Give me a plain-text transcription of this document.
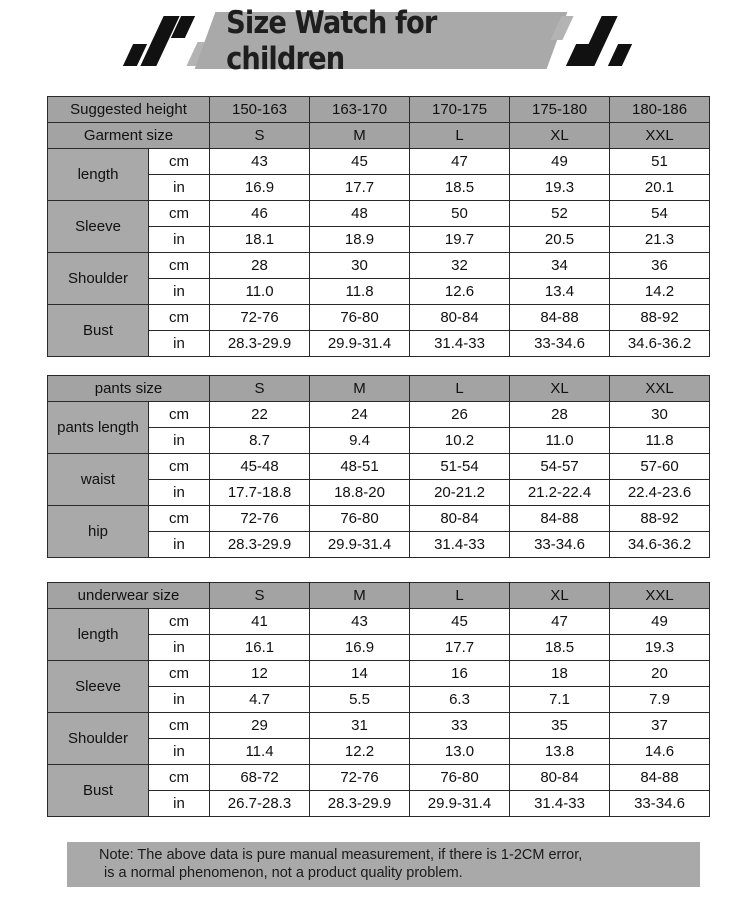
Size Watch for children
Suggested height		150-163	163-170	170-175	175-180	180-186
Garment size		S	M	L	XL	XXL
length	cm	43	45	47	49	51
	in	16.9	17.7	18.5	19.3	20.1
Sleeve	cm	46	48	50	52	54
	in	18.1	18.9	19.7	20.5	21.3
Shoulder	cm	28	30	32	34	36
	in	11.0	11.8	12.6	13.4	14.2
Bust	cm	72-76	76-80	80-84	84-88	88-92
	in	28.3-29.9	29.9-31.4	31.4-33	33-34.6	34.6-36.2
pants size		S	M	L	XL	XXL
pants length	cm	22	24	26	28	30
	in	8.7	9.4	10.2	11.0	11.8
waist	cm	45-48	48-51	51-54	54-57	57-60
	in	17.7-18.8	18.8-20	20-21.2	21.2-22.4	22.4-23.6
hip	cm	72-76	76-80	80-84	84-88	88-92
	in	28.3-29.9	29.9-31.4	31.4-33	33-34.6	34.6-36.2
underwear size		S	M	L	XL	XXL
length	cm	41	43	45	47	49
	in	16.1	16.9	17.7	18.5	19.3
Sleeve	cm	12	14	16	18	20
	in	4.7	5.5	6.3	7.1	7.9
Shoulder	cm	29	31	33	35	37
	in	11.4	12.2	13.0	13.8	14.6
Bust	cm	68-72	72-76	76-80	80-84	84-88
	in	26.7-28.3	28.3-29.9	29.9-31.4	31.4-33	33-34.6
Note: The above data is pure manual measurement, if there is 1-2CM error,
is a normal phenomenon, not a product quality problem.
